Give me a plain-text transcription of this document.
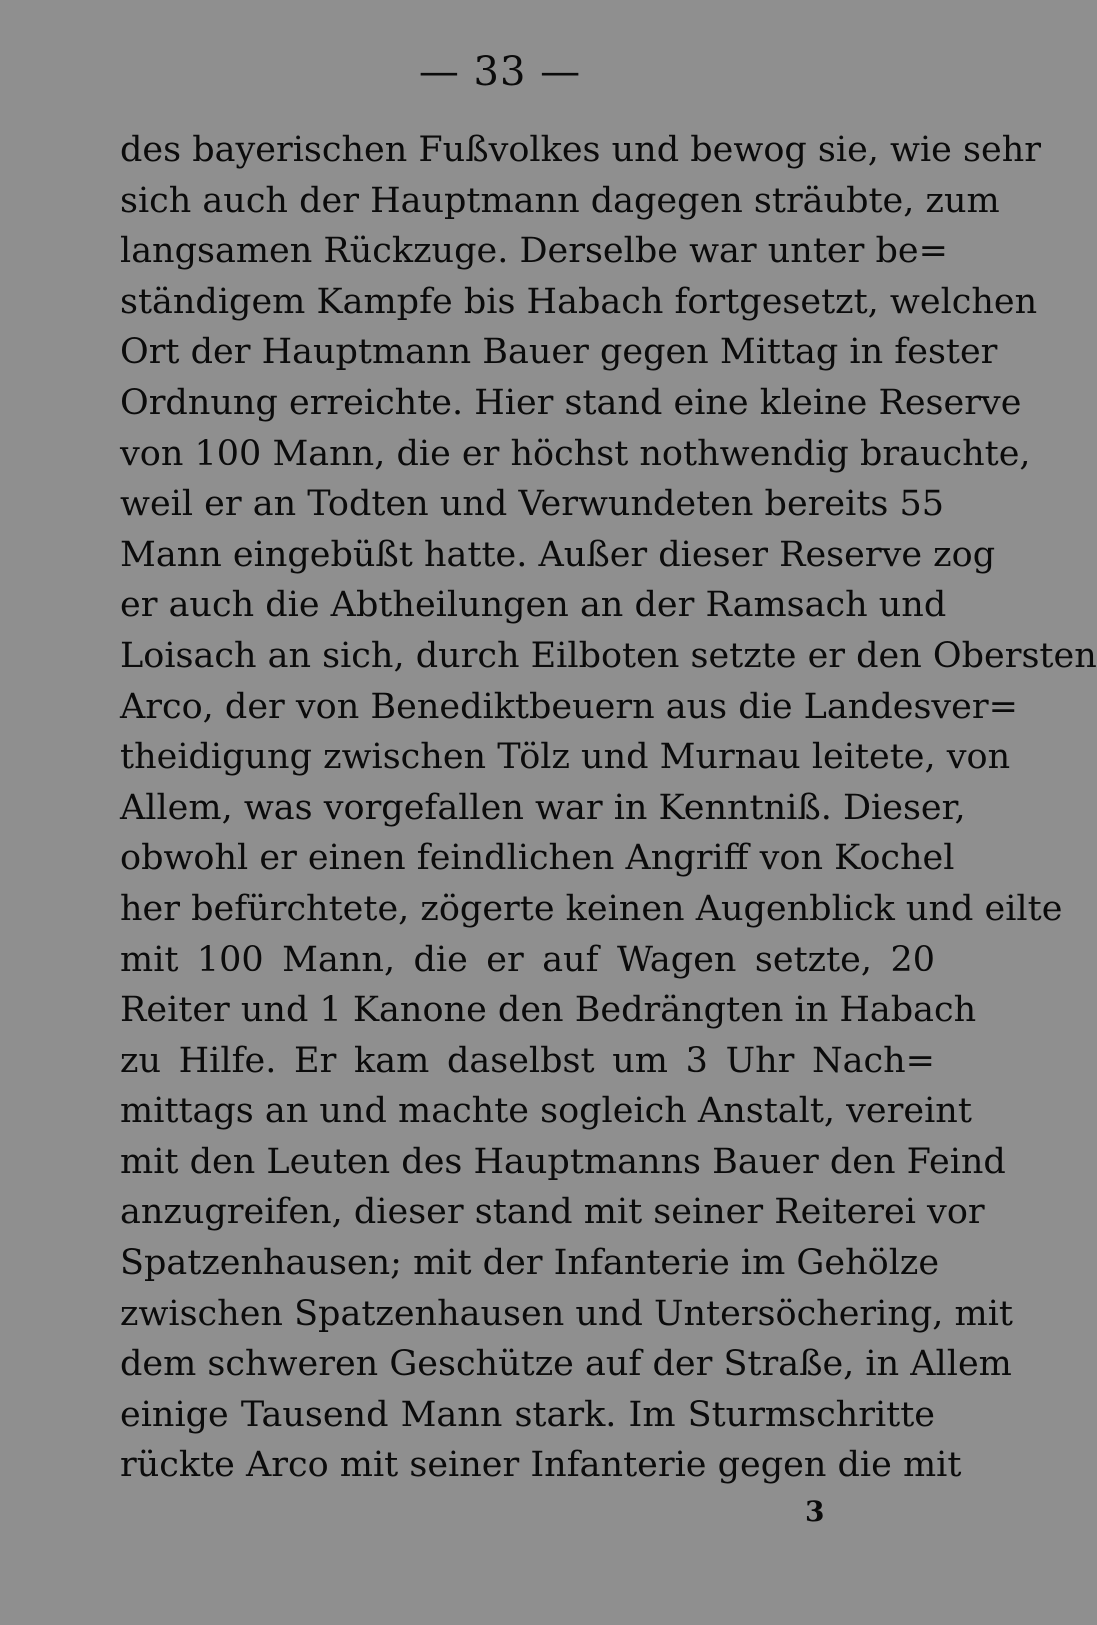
— 33 —
des bayerischen Fußvolkes und bewog sie, wie sehr
sich auch der Hauptmann dagegen sträubte, zum
langsamen Rückzuge. Derselbe war unter be=
ständigem Kampfe bis Habach fortgesetzt, welchen
Ort der Hauptmann Bauer gegen Mittag in fester
Ordnung erreichte. Hier stand eine kleine Reserve
von 100 Mann, die er höchst nothwendig brauchte,
weil er an Todten und Verwundeten bereits 55
Mann eingebüßt hatte. Außer dieser Reserve zog
er auch die Abtheilungen an der Ramsach und
Loisach an sich, durch Eilboten setzte er den Obersten
Arco, der von Benediktbeuern aus die Landesver=
theidigung zwischen Tölz und Murnau leitete, von
Allem, was vorgefallen war in Kenntniß. Dieser,
obwohl er einen feindlichen Angriff von Kochel
her befürchtete, zögerte keinen Augenblick und eilte
mit 100 Mann, die er auf Wagen setzte, 20
Reiter und 1 Kanone den Bedrängten in Habach
zu Hilfe. Er kam daselbst um 3 Uhr Nach=
mittags an und machte sogleich Anstalt, vereint
mit den Leuten des Hauptmanns Bauer den Feind
anzugreifen, dieser stand mit seiner Reiterei vor
Spatzenhausen; mit der Infanterie im Gehölze
zwischen Spatzenhausen und Untersöchering, mit
dem schweren Geschütze auf der Straße, in Allem
einige Tausend Mann stark. Im Sturmschritte
rückte Arco mit seiner Infanterie gegen die mit
3
